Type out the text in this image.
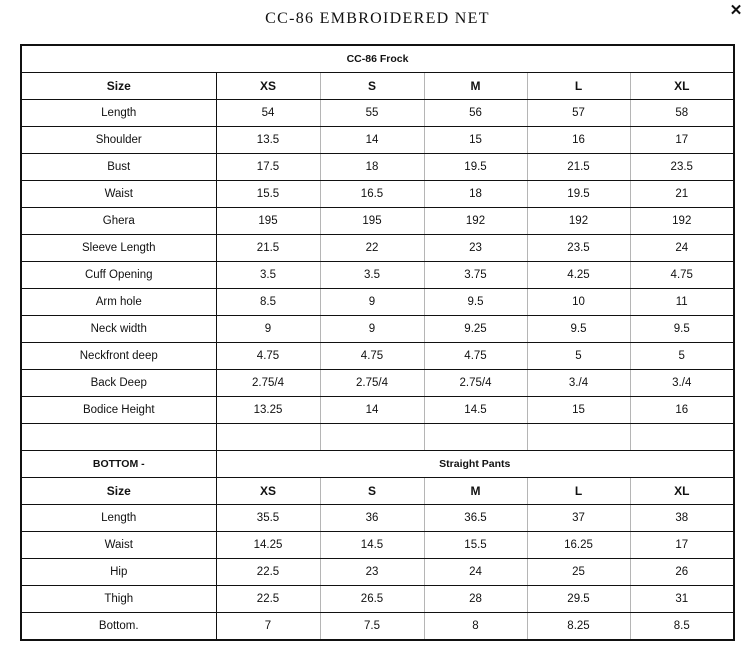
CC-86 EMBROIDERED NET	✕
CC-86 Frock					
Size	XS	S	M	L	XL
Length	54	55	56	57	58
Shoulder	13.5	14	15	16	17
Bust	17.5	18	19.5	21.5	23.5
Waist	15.5	16.5	18	19.5	21
Ghera	195	195	192	192	192
Sleeve Length	21.5	22	23	23.5	24
Cuff Opening	3.5	3.5	3.75	4.25	4.75
Arm hole	8.5	9	9.5	10	11
Neck width	9	9	9.25	9.5	9.5
Neckfront deep	4.75	4.75	4.75	5	5
Back Deep	2.75/4	2.75/4	2.75/4	3./4	3./4
Bodice Height	13.25	14	14.5	15	16

BOTTOM -	Straight Pants				
Size	XS	S	M	L	XL
Length	35.5	36	36.5	37	38
Waist	14.25	14.5	15.5	16.25	17
Hip	22.5	23	24	25	26
Thigh	22.5	26.5	28	29.5	31
Bottom.	7	7.5	8	8.25	8.5
